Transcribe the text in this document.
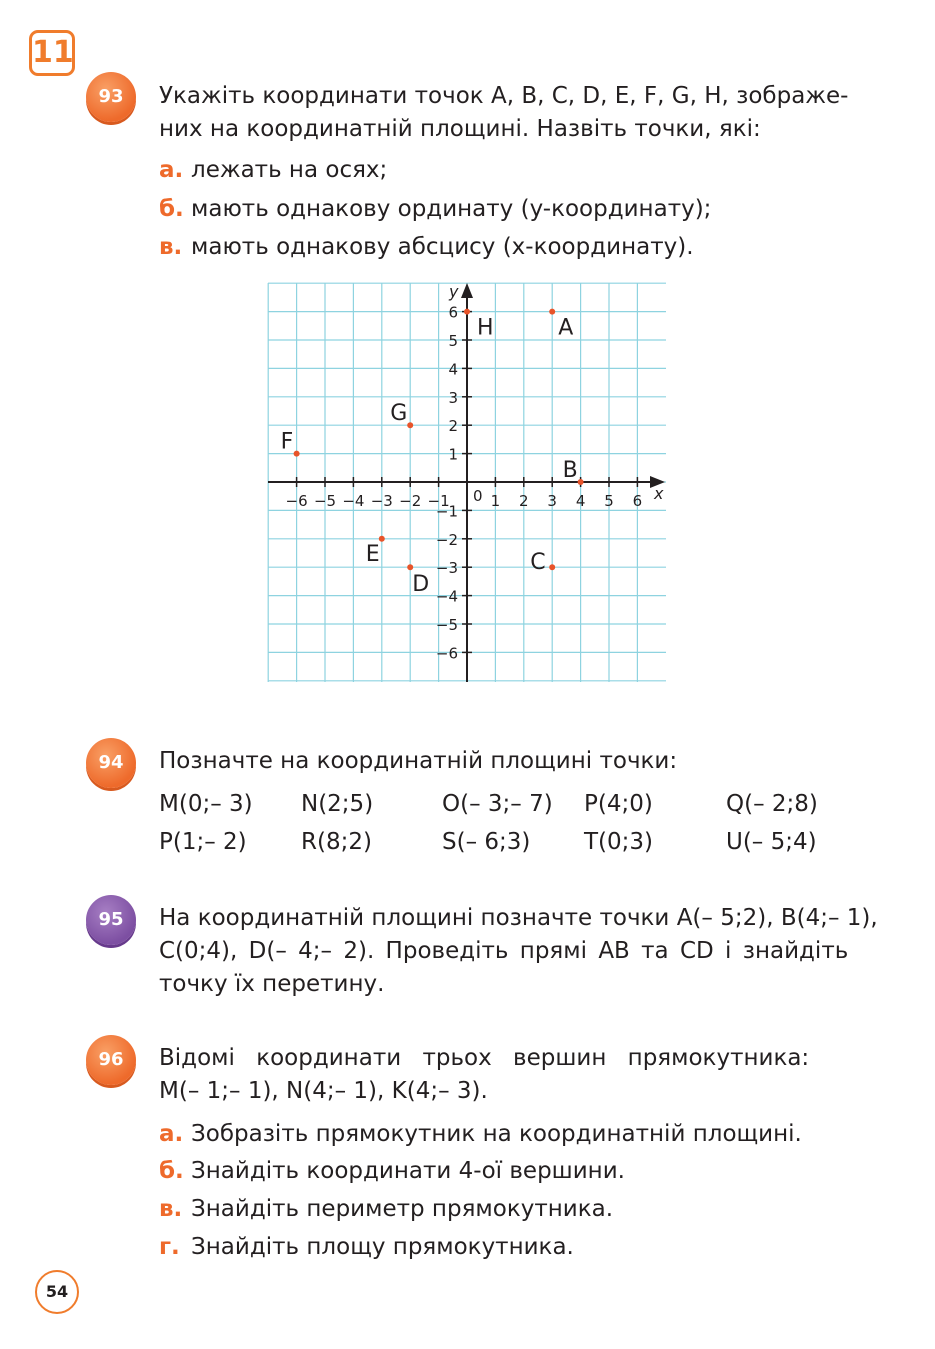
11
93	Укажіть координати точок A, B, C, D, E, F, G, H, зображе-
них на координатній площині. Назвіть точки, які:
а. лежать на осях;
б. мають однакову ординату (y-координату);
в. мають однакову абсцису (x-координату).
x
y
0
−6 −5 −4 −3 −2 −1	1 2 3 4 5 6
6
5
4
3
2
1
−1
−2
−3
−4
−5
−6
A
B
C
D
E
F
G
H
94	Позначте на координатній площині точки:
M(0;– 3) N(2;5)	O(– 3;– 7) P(4;0)	Q(– 2;8)
P(1;– 2) R(8;2)	S(– 6;3) T(0;3)	U(– 5;4)
95	На координатній площині позначте точки A(– 5;2), B(4;– 1),
C(0;4), D(– 4;– 2). Проведіть прямі AB та CD і знайдіть
точку їх перетину.
96	Відомі координати трьох вершин прямокутника:
M(– 1;– 1), N(4;– 1), K(4;– 3).
а. Зобразіть прямокутник на координатній площині.
б. Знайдіть координати 4-ої вершини.
в. Знайдіть периметр прямокутника.
г. Знайдіть площу прямокутника.
54
